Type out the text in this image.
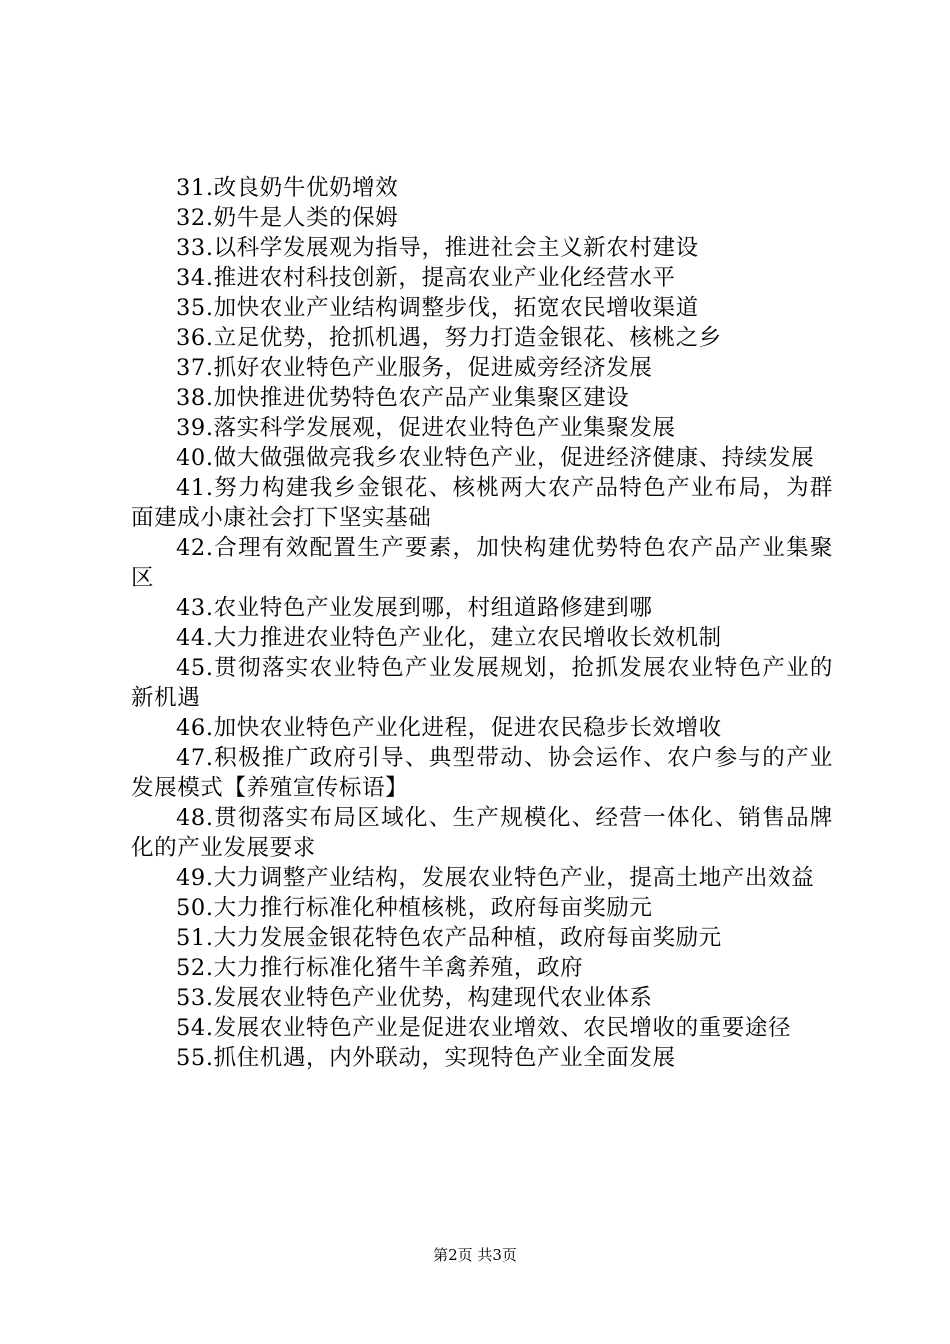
31.改良奶牛优奶增效

32.奶牛是人类的保姆

33.以科学发展观为指导，推进社会主义新农村建设

34.推进农村科技创新，提高农业产业化经营水平

35.加快农业产业结构调整步伐，拓宽农民增收渠道

36.立足优势，抢抓机遇，努力打造金银花、核桃之乡

37.抓好农业特色产业服务，促进威旁经济发展

38.加快推进优势特色农产品产业集聚区建设

39.落实科学发展观，促进农业特色产业集聚发展

40.做大做强做亮我乡农业特色产业，促进经济健康、持续发展

41.努力构建我乡金银花、核桃两大农产品特色产业布局，为群面建成小康社会打下坚实基础

42.合理有效配置生产要素，加快构建优势特色农产品产业集聚区

43.农业特色产业发展到哪，村组道路修建到哪

44.大力推进农业特色产业化，建立农民增收长效机制

45.贯彻落实农业特色产业发展规划，抢抓发展农业特色产业的新机遇

46.加快农业特色产业化进程，促进农民稳步长效增收

47.积极推广政府引导、典型带动、协会运作、农户参与的产业发展模式【养殖宣传标语】

48.贯彻落实布局区域化、生产规模化、经营一体化、销售品牌化的产业发展要求

49.大力调整产业结构，发展农业特色产业，提高土地产出效益

50.大力推行标准化种植核桃，政府每亩奖励元

51.大力发展金银花特色农产品种植，政府每亩奖励元

52.大力推行标准化猪牛羊禽养殖，政府

53.发展农业特色产业优势，构建现代农业体系

54.发展农业特色产业是促进农业增效、农民增收的重要途径

55.抓住机遇，内外联动，实现特色产业全面发展

第2页 共3页
